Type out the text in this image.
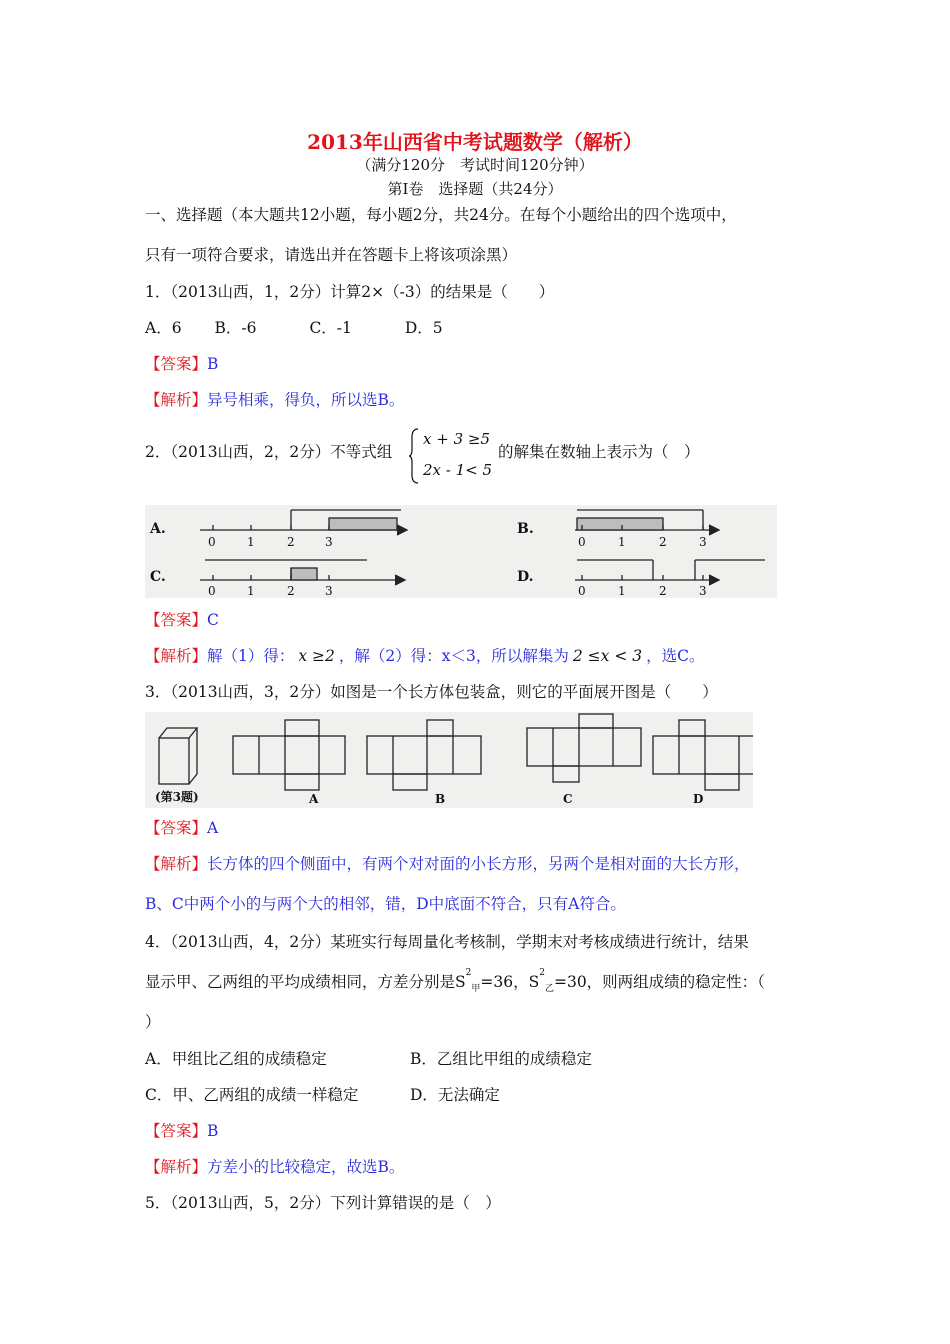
2013年山西省中考试题数学（解析）
（满分120分　考试时间120分钟）
第Ⅰ卷　选择题（共24分）
一、选择题（本大题共12小题，每小题2分，共24分。在每个小题给出的四个选项中，
只有一项符合要求，请选出并在答题卡上将该项涂黑）
1．（2013山西，1，2分）计算2×（-3）的结果是（　　）
A．6 B．-6	C．-1	D．5
【答案】B
【解析】异号相乘，得负，所以选B。
2．（2013山西，2，2分）不等式组
x + 3 ≥5
2x - 1< 5
的解集在数轴上表示为（　）
A.	B.
C.	D.
0	1	2	3	0	1	2	3
0	1	2	3	0	1	2	3
【答案】C
【解析】解（1）得： x ≥2 ，解（2）得：x＜3，所以解集为 2 ≤x < 3 ，选C。
3．（2013山西，3，2分）如图是一个长方体包装盒，则它的平面展开图是（　　）
(第3题)	A	B	C	D
【答案】A
【解析】长方体的四个侧面中，有两个对对面的小长方形，另两个是相对面的大长方形，
B、C中两个小的与两个大的相邻，错，D中底面不符合，只有A符合。
4．（2013山西，4，2分）某班实行每周量化考核制，学期末对考核成绩进行统计，结果
显示甲、乙两组的平均成绩相同，方差分别是$S^2_甲=36$，$S^2_乙=30$，则两组成绩的稳定性：（
）
A．甲组比乙组的成绩稳定	B．乙组比甲组的成绩稳定
C．甲、乙两组的成绩一样稳定	D．无法确定
【答案】B
【解析】方差小的比较稳定，故选B。
5．（2013山西，5，2分）下列计算错误的是（　）
